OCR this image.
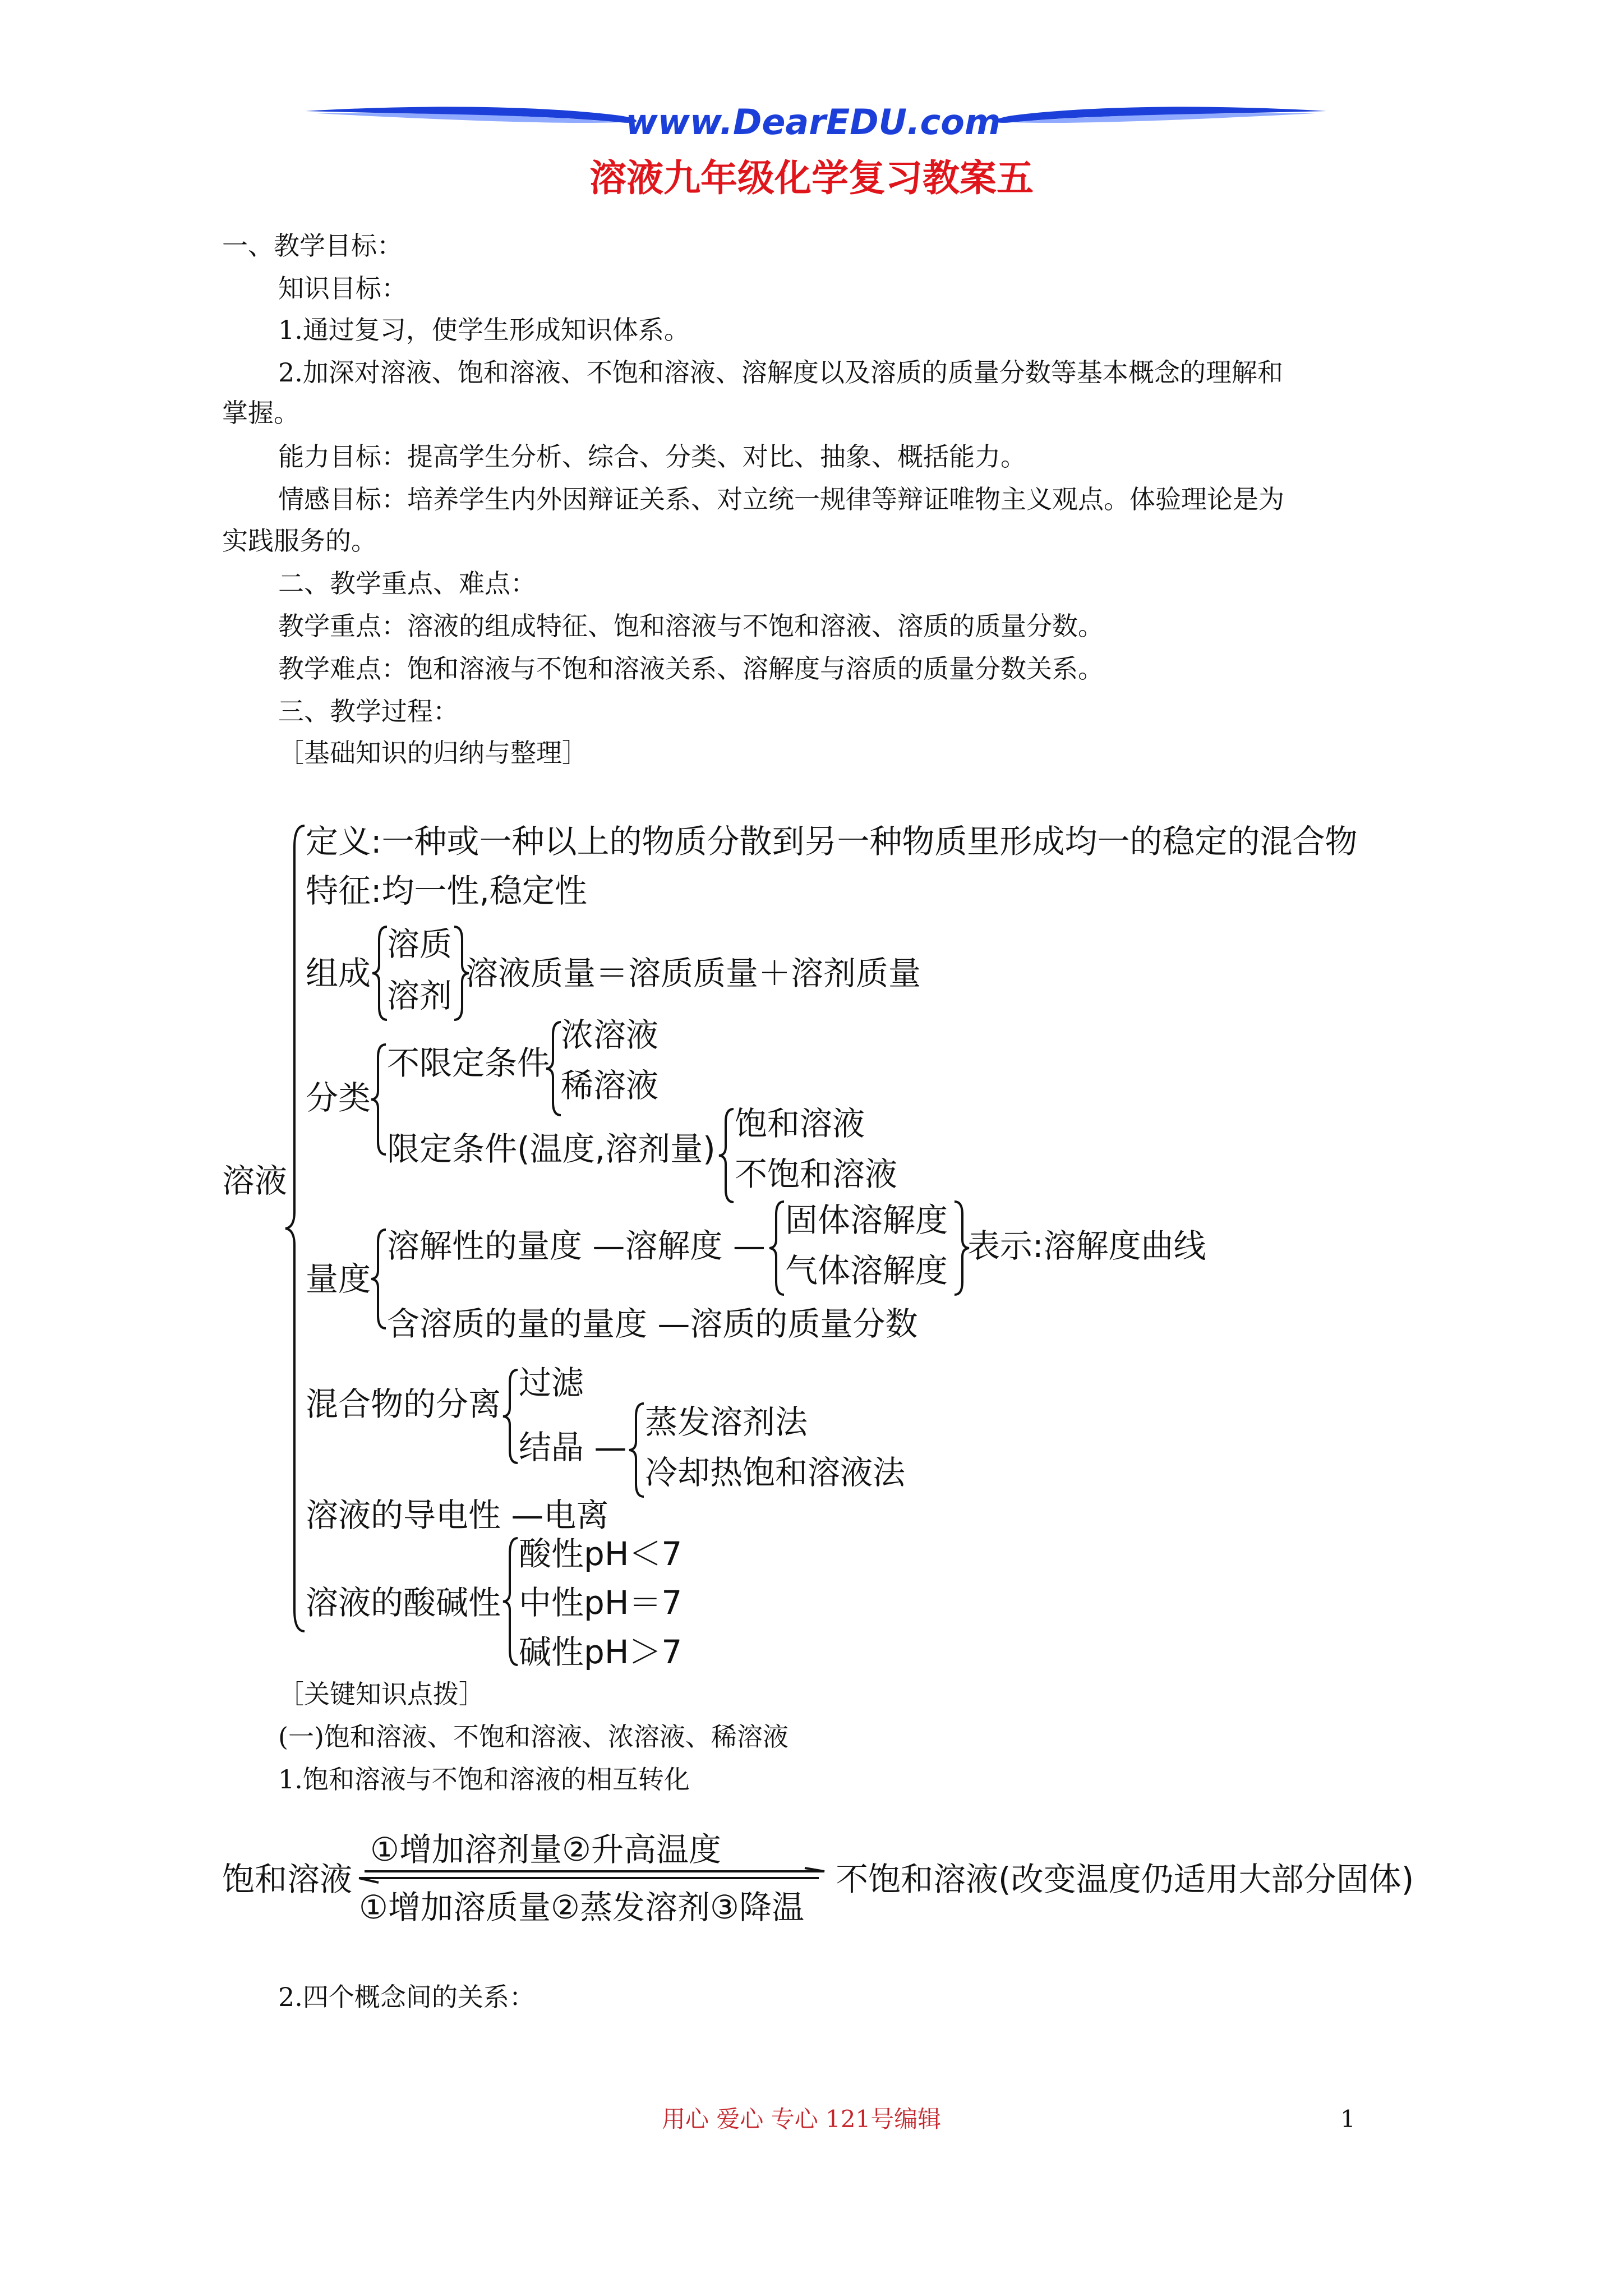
www.DearEDU.com
溶液九年级化学复习教案五
一、教学目标：
知识目标：
1.通过复习，使学生形成知识体系。
2.加深对溶液、饱和溶液、不饱和溶液、溶解度以及溶质的质量分数等基本概念的理解和
掌握。
能力目标：提高学生分析、综合、分类、对比、抽象、概括能力。
情感目标：培养学生内外因辩证关系、对立统一规律等辩证唯物主义观点。体验理论是为
实践服务的。
二、教学重点、难点：
教学重点：溶液的组成特征、饱和溶液与不饱和溶液、溶质的质量分数。
教学难点：饱和溶液与不饱和溶液关系、溶解度与溶质的质量分数关系。
三、教学过程：
［基础知识的归纳与整理］
溶液
定义:一种或一种以上的物质分散到另一种物质里形成均一的稳定的混合物
特征:均一性,稳定性
组成
溶质
溶剂
溶液质量＝溶质质量＋溶剂质量
分类
不限定条件
浓溶液
稀溶液
限定条件(温度,溶剂量)
饱和溶液
不饱和溶液
量度
溶解性的量度 —溶解度 —
固体溶解度
气体溶解度
表示:溶解度曲线
含溶质的量的量度 —溶质的质量分数
混合物的分离
过滤
结晶 —
蒸发溶剂法
冷却热饱和溶液法
溶液的导电性 —电离
溶液的酸碱性
酸性pH＜7
中性pH＝7
碱性pH＞7
［关键知识点拨］
(一)饱和溶液、不饱和溶液、浓溶液、稀溶液
1.饱和溶液与不饱和溶液的相互转化
饱和溶液
①增加溶剂量②升高温度
①增加溶质量②蒸发溶剂③降温
不饱和溶液(改变温度仍适用大部分固体)
2.四个概念间的关系：
用心 爱心 专心 121号编辑	1
